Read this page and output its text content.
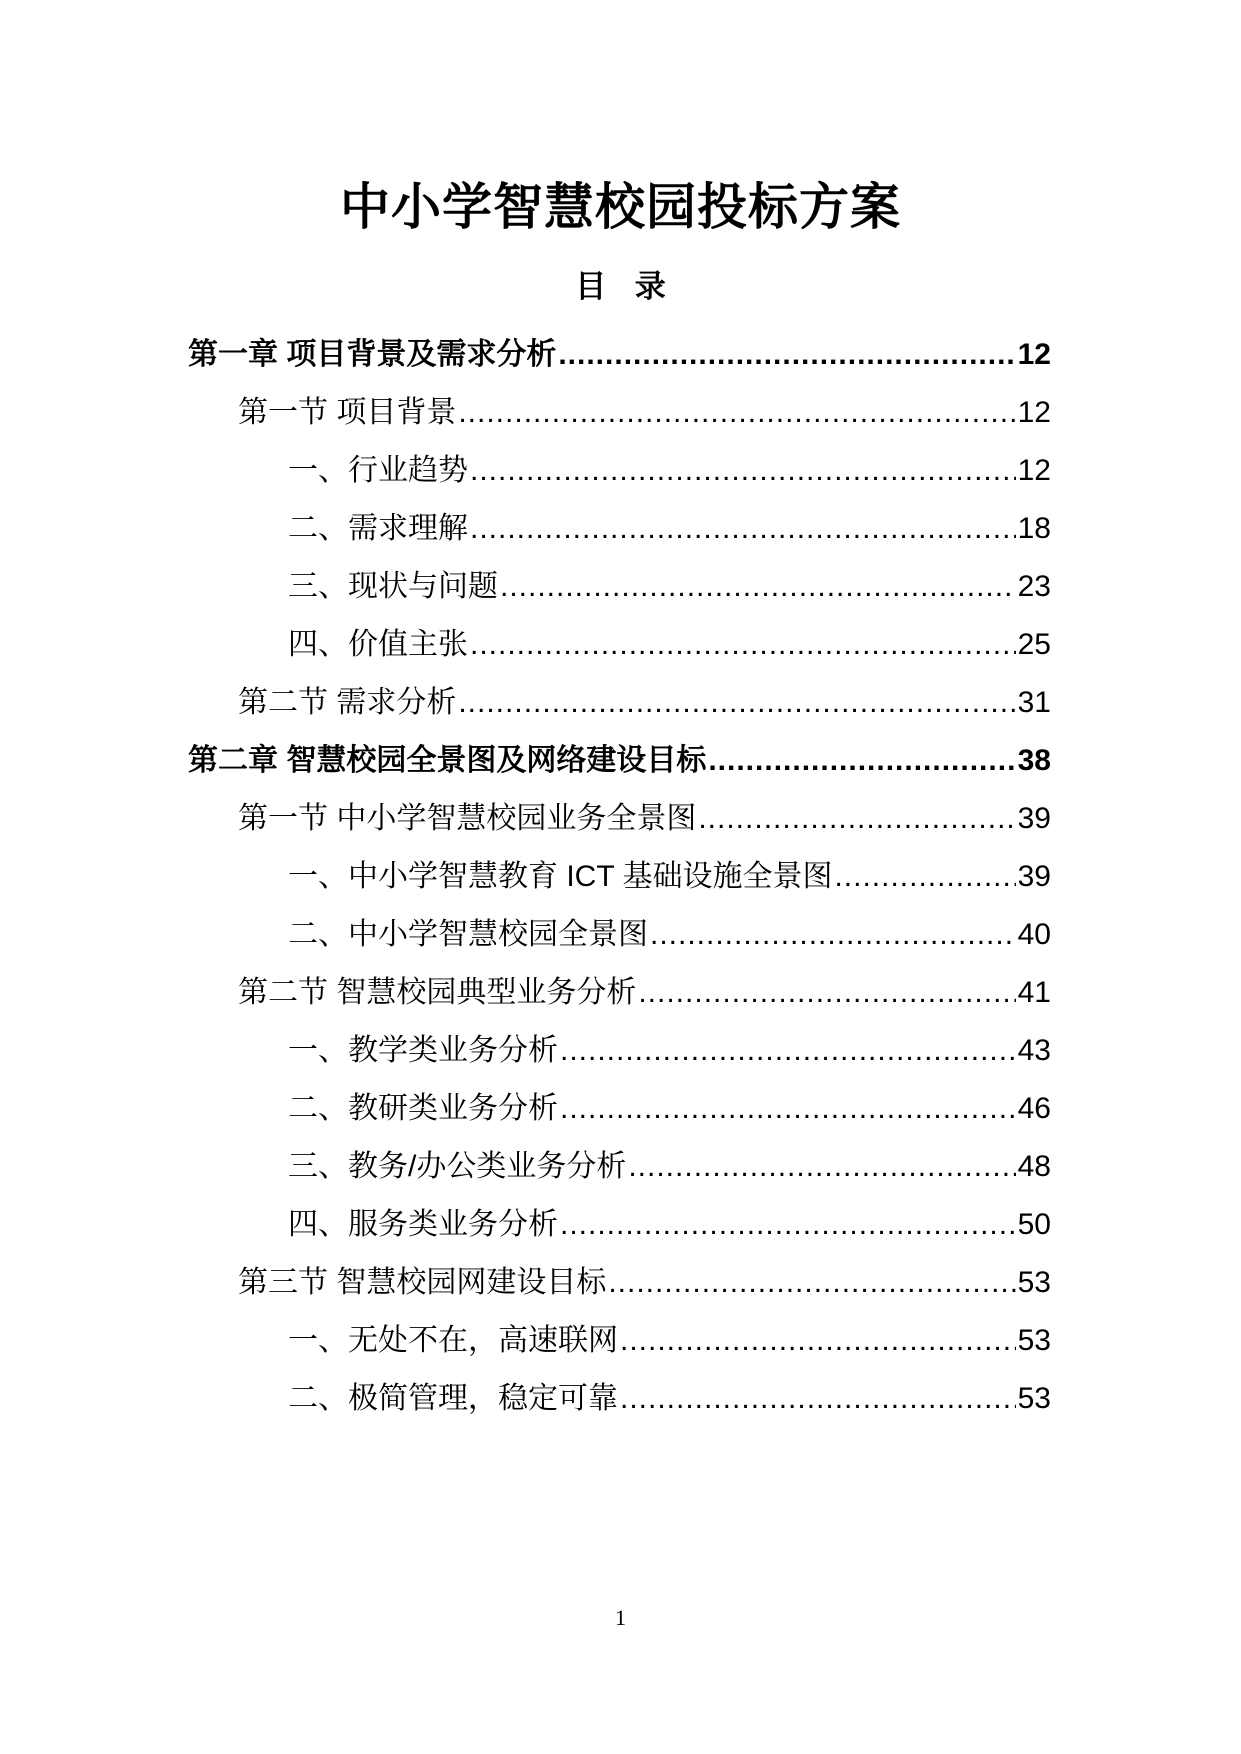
中小学智慧校园投标方案
目 录
第一章 项目背景及需求分析 .....	12
第一节 项目背景 .....	12
一、行业趋势 .....	12
二、需求理解 .....	18
三、现状与问题 .....	23
四、价值主张 .....	25
第二节 需求分析 .....	31
第二章 智慧校园全景图及网络建设目标 .....	38
第一节 中小学智慧校园业务全景图 .....	39
一、中小学智慧教育 ICT 基础设施全景图 .....	39
二、中小学智慧校园全景图 .....	40
第二节 智慧校园典型业务分析 .....	41
一、教学类业务分析 .....	43
二、教研类业务分析 .....	46
三、教务/办公类业务分析 .....	48
四、服务类业务分析 .....	50
第三节 智慧校园网建设目标 .....	53
一、无处不在，高速联网 .....	53
二、极简管理，稳定可靠 .....	53
1
